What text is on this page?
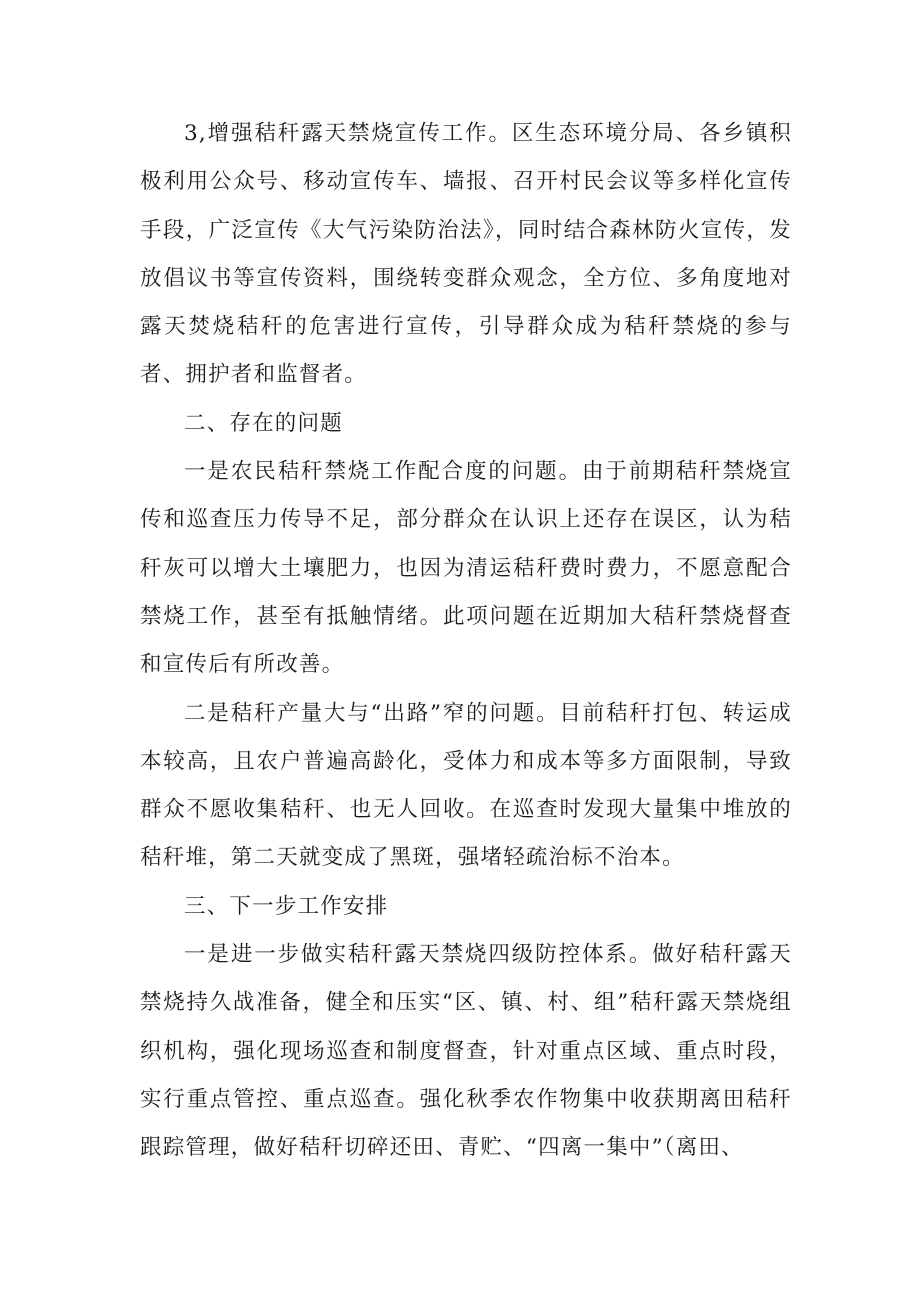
3,增强秸秆露天禁烧宣传工作。区生态环境分局、各乡镇积极利用公众号、移动宣传车、墙报、召开村民会议等多样化宣传手段，广泛宣传《大气污染防治法》，同时结合森林防火宣传，发放倡议书等宣传资料，围绕转变群众观念，全方位、多角度地对露天焚烧秸秆的危害进行宣传，引导群众成为秸秆禁烧的参与者、拥护者和监督者。

二、存在的问题

一是农民秸秆禁烧工作配合度的问题。由于前期秸秆禁烧宣传和巡查压力传导不足，部分群众在认识上还存在误区，认为秸秆灰可以增大土壤肥力，也因为清运秸秆费时费力，不愿意配合禁烧工作，甚至有抵触情绪。此项问题在近期加大秸秆禁烧督查和宣传后有所改善。

二是秸秆产量大与“出路”窄的问题。目前秸秆打包、转运成本较高，且农户普遍高龄化，受体力和成本等多方面限制，导致群众不愿收集秸秆、也无人回收。在巡查时发现大量集中堆放的秸秆堆，第二天就变成了黑斑，强堵轻疏治标不治本。

三、下一步工作安排

一是进一步做实秸秆露天禁烧四级防控体系。做好秸秆露天禁烧持久战准备，健全和压实“区、镇、村、组”秸秆露天禁烧组织机构，强化现场巡查和制度督查，针对重点区域、重点时段，实行重点管控、重点巡查。强化秋季农作物集中收获期离田秸秆跟踪管理，做好秸秆切碎还田、青贮、“四离一集中”（离田、
